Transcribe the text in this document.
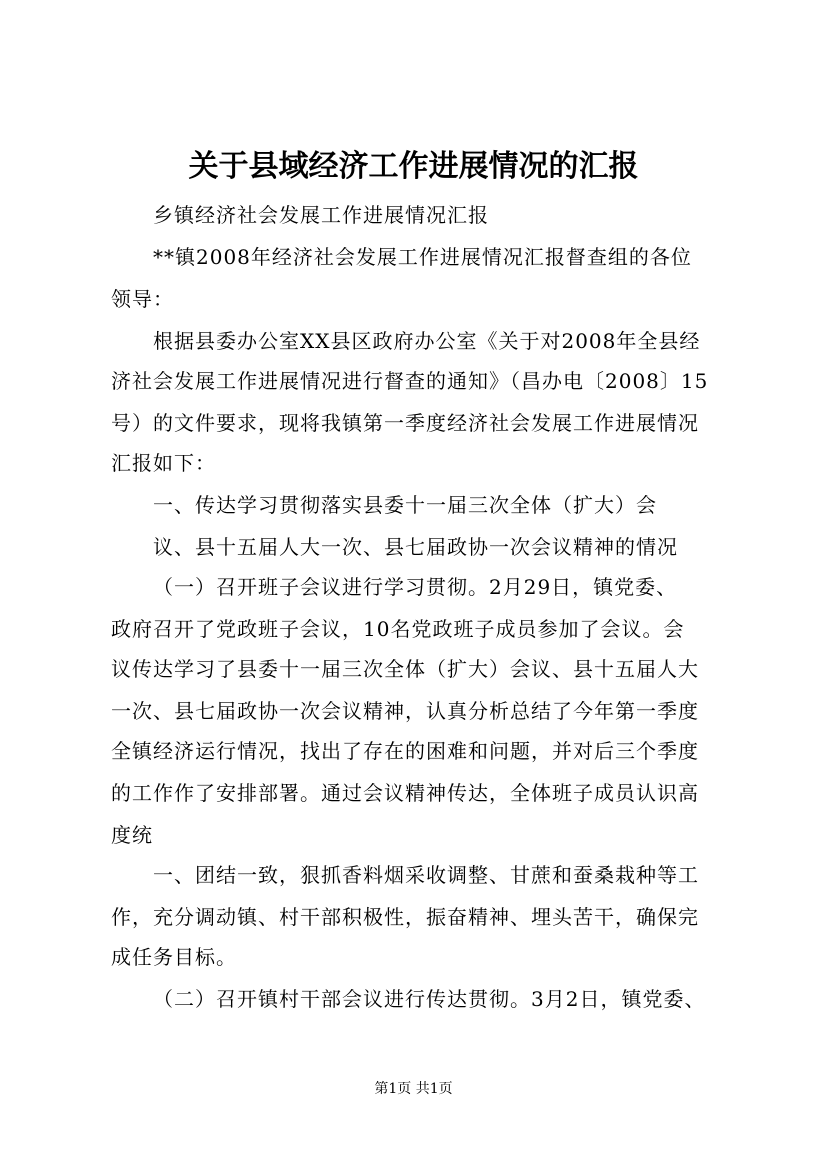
关于县域经济工作进展情况的汇报
乡镇经济社会发展工作进展情况汇报
**镇2008年经济社会发展工作进展情况汇报督查组的各位
领导：
根据县委办公室XX县区政府办公室《关于对2008年全县经
济社会发展工作进展情况进行督查的通知》（昌办电〔2008〕15
号）的文件要求，现将我镇第一季度经济社会发展工作进展情况
汇报如下：
一、传达学习贯彻落实县委十一届三次全体（扩大）会
议、县十五届人大一次、县七届政协一次会议精神的情况
（一）召开班子会议进行学习贯彻。2月29日，镇党委、
政府召开了党政班子会议，10名党政班子成员参加了会议。会
议传达学习了县委十一届三次全体（扩大）会议、县十五届人大
一次、县七届政协一次会议精神，认真分析总结了今年第一季度
全镇经济运行情况，找出了存在的困难和问题，并对后三个季度
的工作作了安排部署。通过会议精神传达，全体班子成员认识高
度统
一、团结一致，狠抓香料烟采收调整、甘蔗和蚕桑栽种等工
作，充分调动镇、村干部积极性，振奋精神、埋头苦干，确保完
成任务目标。
（二）召开镇村干部会议进行传达贯彻。3月2日，镇党委、
第1页 共1页
